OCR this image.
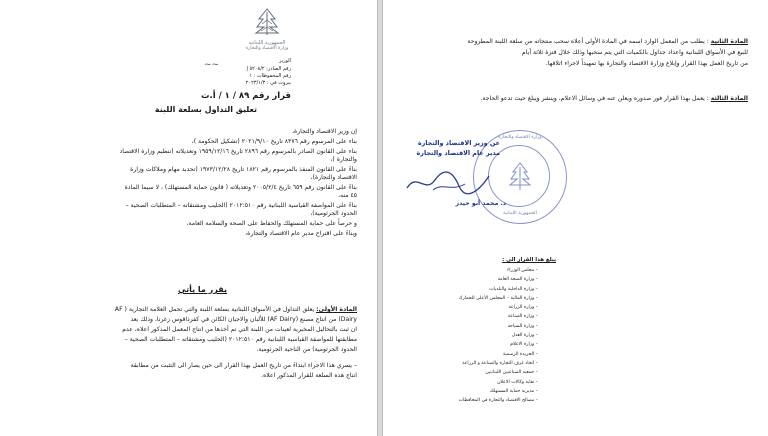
الجمهورية اللبنانية
وزارة الاقتصاد والتجارة
الوزير
رقم الصادر: ٥٢٠٨/٢ إ
رقم المحفوظات : ١
بيروت في : ٢٠٢٣/١/٣
~~
قرار رقم ٨٩ / ١ / أ.ت
تعليق التداول بسلعة اللبنة
إن وزير الاقتصاد والتجارة،
بناء على المرسوم رقم ٨٣٧٦ تاريخ ٢٠٢١/٩/١٠ (تشكيل الحكومة )،
بناء على القانون الصادر بالمرسوم رقم ٢٨٩٦ تاريخ ١٩٥٩/١٢/١٦ وتعديلاته (تنظيم وزارة الاقتصاد
والتجارة )،
بناءً على القانون المنفذ بالمرسوم رقم ١٨٢١ تاريخ ١٩٧٣/١٢/٢٨ (تحديد مهام وملاكات وزارة
الاقتصاد والتجارة)،
بناءً على القانون رقم ٦٥٩ تاريخ ٢٠٠٥/٢/٤ وتعديلاته ( قانون حماية المستهلك) ، لا سيما المادة
٤٥ منه،
بناءً على المواصفة القياسية اللبنانية رقم ٢٠١٢:٥١٠ (الحليب ومشتقاته – المتطلبات الصحية –
الحدود الجرثومية)،
و حرصاً على حماية المستهلك والحفاظ على الصحة والسلامة العامة،
وبناءً على اقتراح مدير عام الاقتصاد والتجارة،
يقرر ما يأتي
المادة الأولى: يعلق التداول في الأسواق اللبنانية بسلعة اللبنة والتي تحمل العلامة التجارية ( AF
Dairy) من انتاج مصنع (AF Dairy) للألبان والاجبان الكائن في كفرذاقوس زغرتا، وذلك بعد
ان ثبت بالتحاليل المخبرية لعينات من اللبنة التي تم أخذها من انتاج المعمل المذكور اعلاه، عدم
مطابقتها للمواصفة القياسية اللبنانية رقم ٢٠١٢:٥١٠ (الحليب ومشتقاته – المتطلبات الصحية –
الحدود الجرثومية) من الناحية الجرثومية.
– يسري هذا الاجراء ابتداءً من تاريخ العمل بهذا القرار الى حين يصار الى التثبت من مطابقة
انتاج هذه السلعة للقرار المذكور اعلاه.
المادة الثانية : يطلب من المعمل الوارد اسمه في المادة الأولى أعلاه سحب منتجاته من سلعة اللبنة المطروحة
للبيع في الأسواق اللبنانية واعداد جداول بالكميات التي يتم سحبها وذلك خلال فترة ثلاثة أيام
من تاريخ العمل بهذا القرار وإبلاغ وزارة الاقتصاد والتجارة بها تمهيداً لاجراء اتلافها.
المادة الثالثة : يعمل بهذا القرار فور صدوره ويعلن عنه في وسائل الاعلام، وينشر ويبلغ حيث تدعو الحاجة.
وزارة الاقتصاد والتجارة
الجمهورية اللبنانية
عن وزير الاقتصاد والتجارة
مدير عام الاقتصاد والتجارة
د. محمد أبو حيدر
يبلغ هذا القرار الى :
– مجلس الوزراء
– وزارة الصحة العامة
– وزارة الداخلية والبلديات
– وزارة المالية – المجلس الأعلى للجمارك
– وزارة الزراعة
– وزارة الصناعة
– وزارة السياحة
– وزارة العدل
– وزارة الاعلام
– الجريدة الرسمية
– اتحاد غرف التجارة والصناعة و الزراعة
– جمعية الصناعيين اللبنانيين
– نقابة وكالات الاعلان
– مديرية حماية المستهلك
– مصالح الاقتصاد والتجارة في المحافظات
